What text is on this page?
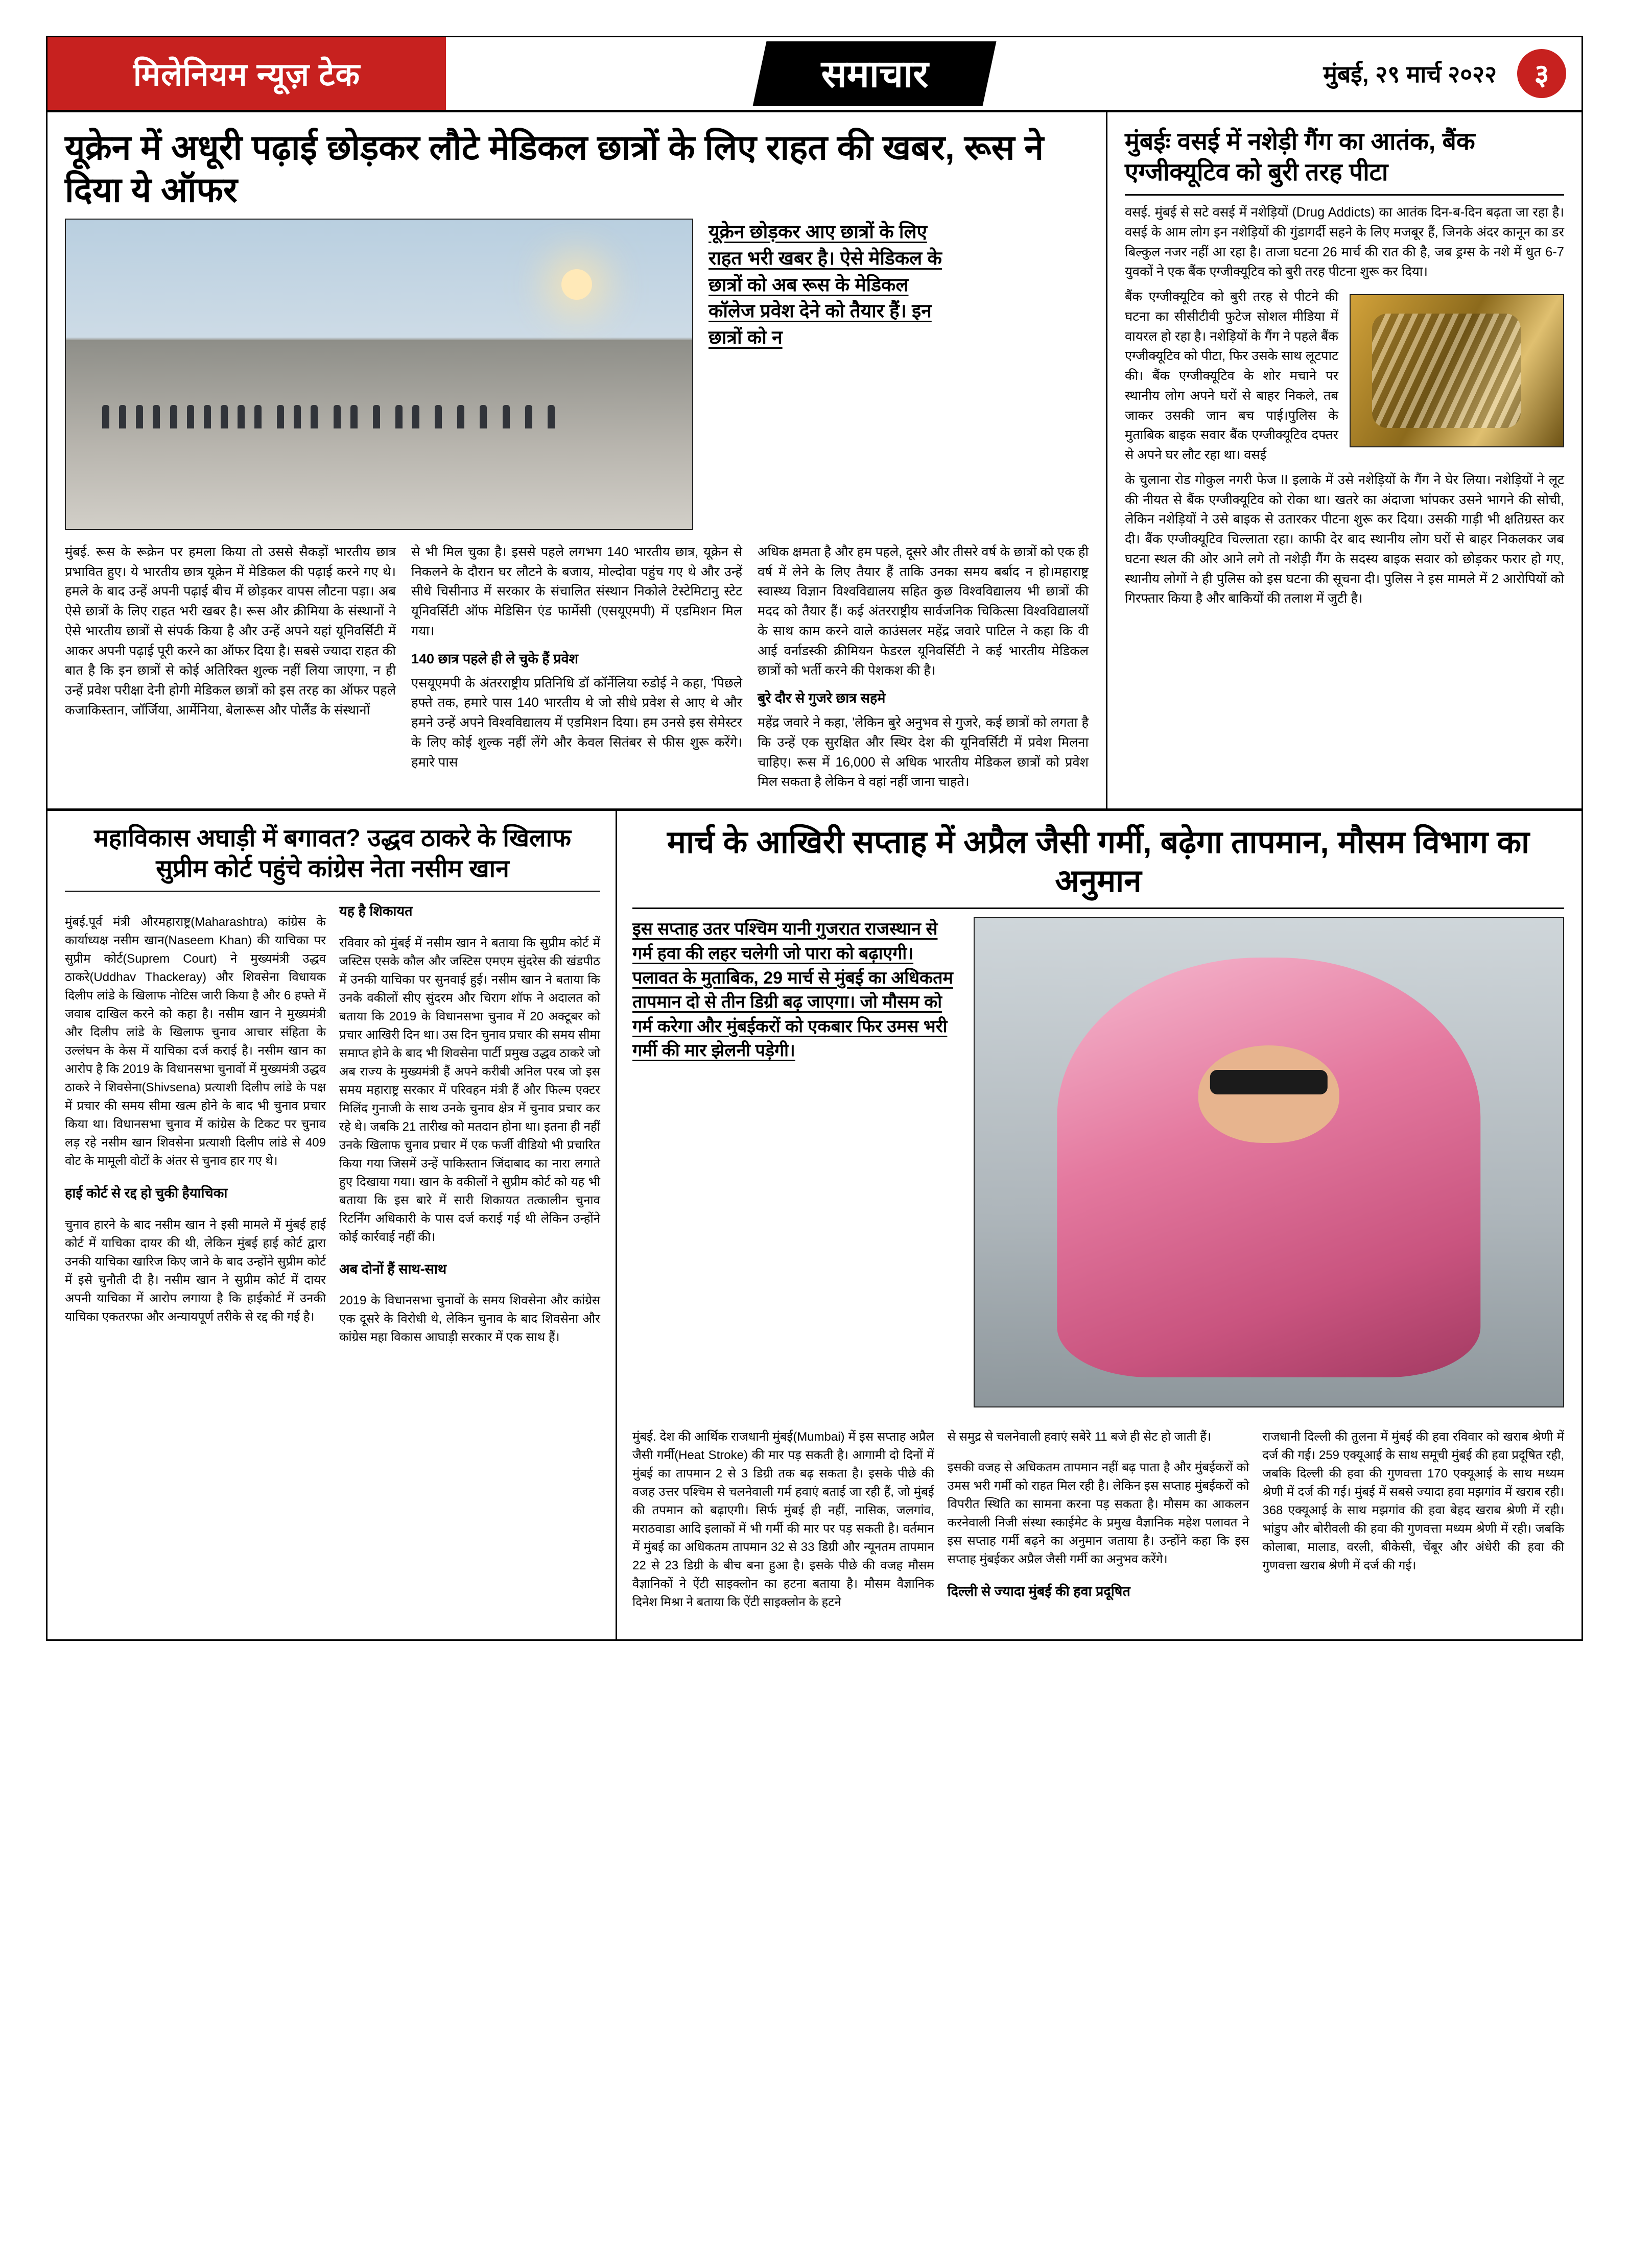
मिलेनियम न्यूज़ टेक	समाचार	मुंबई, २९ मार्च २०२२	३
यूक्रेन में अधूरी पढ़ाई छोड़कर लौटे मेडिकल छात्रों के लिए राहत की खबर, रूस ने दिया ये ऑफर
यूक्रेन छोड़कर आए छात्रों के लिए राहत भरी खबर है। ऐसे मेडिकल के छात्रों को अब रूस के मेडिकल कॉलेज प्रवेश देने को तैयार हैं। इन छात्रों को न

मुंबई. रूस के रूक्रेन पर हमला किया तो उससे सैकड़ों भारतीय छात्र प्रभावित हुए। ये भारतीय छात्र यूक्रेन में मेडिकल की पढ़ाई करने गए थे। हमले के बाद उन्हें अपनी पढ़ाई बीच में छोड़कर वापस लौटना पड़ा। अब ऐसे छात्रों के लिए राहत भरी खबर है। रूस और क्रीमिया के संस्थानों ने ऐसे भारतीय छात्रों से संपर्क किया है और उन्हें अपने यहां यूनिवर्सिटी में आकर अपनी पढ़ाई पूरी करने का ऑफर दिया है। सबसे ज्यादा राहत की बात है कि इन छात्रों से कोई अतिरिक्त शुल्क नहीं लिया जाएगा, न ही उन्हें प्रवेश परीक्षा देनी होगी मेडिकल छात्रों को इस तरह का ऑफर पहले कजाकिस्तान, जॉर्जिया, आर्मेनिया, बेलारूस और पोलैंड के संस्थानों

से भी मिल चुका है। इससे पहले लगभग 140 भारतीय छात्र, यूक्रेन से निकलने के दौरान घर लौटने के बजाय, मोल्दोवा पहुंच गए थे और उन्हें सीधे चिसीनाउ में सरकार के संचालित संस्थान निकोले टेस्टेमिटानु स्टेट यूनिवर्सिटी ऑफ मेडिसिन एंड फार्मेसी (एसयूएमपी) में एडमिशन मिल गया।

140 छात्र पहले ही ले चुके हैं प्रवेश

एसयूएमपी के अंतरराष्ट्रीय प्रतिनिधि डॉ कॉर्नेलिया रुडोई ने कहा, 'पिछले हफ्ते तक, हमारे पास 140 भारतीय थे जो सीधे प्रवेश से आए थे और हमने उन्हें अपने विश्वविद्यालय में एडमिशन दिया। हम उनसे इस सेमेस्टर के लिए कोई शुल्क नहीं लेंगे और केवल सितंबर से फीस शुरू करेंगे। हमारे पास

अधिक क्षमता है और हम पहले, दूसरे और तीसरे वर्ष के छात्रों को एक ही वर्ष में लेने के लिए तैयार हैं ताकि उनका समय बर्बाद न हो।महाराष्ट्र स्वास्थ्य विज्ञान विश्वविद्यालय सहित कुछ विश्वविद्यालय भी छात्रों की मदद को तैयार हैं। कई अंतरराष्ट्रीय सार्वजनिक चिकित्सा विश्वविद्यालयों के साथ काम करने वाले काउंसलर महेंद्र जवारे पाटिल ने कहा कि वी आई वर्नाडस्की क्रीमियन फेडरल यूनिवर्सिटी ने कई भारतीय मेडिकल छात्रों को भर्ती करने की पेशकश की है।

बुरे दौर से गुजरे छात्र सहमे

महेंद्र जवारे ने कहा, 'लेकिन बुरे अनुभव से गुजरे, कई छात्रों को लगता है कि उन्हें एक सुरक्षित और स्थिर देश की यूनिवर्सिटी में प्रवेश मिलना चाहिए। रूस में 16,000 से अधिक भारतीय मेडिकल छात्रों को प्रवेश मिल सकता है लेकिन वे वहां नहीं जाना चाहते।

मुंबईः वसई में नशेड़ी गैंग का आतंक, बैंक एग्जीक्यूटिव को बुरी तरह पीटा

वसई. मुंबई से सटे वसई में नशेड़ियों (Drug Addicts) का आतंक दिन-ब-दिन बढ़ता जा रहा है। वसई के आम लोग इन नशेड़ियों की गुंडागर्दी सहने के लिए मजबूर हैं, जिनके अंदर कानून का डर बिल्कुल नजर नहीं आ रहा है। ताजा घटना 26 मार्च की रात की है, जब ड्रग्स के नशे में धुत 6-7 युवकों ने एक बैंक एग्जीक्यूटिव को बुरी तरह पीटना शुरू कर दिया।

बैंक एग्जीक्यूटिव को बुरी तरह से पीटने की घटना का सीसीटीवी फुटेज सोशल मीडिया में वायरल हो रहा है। नशेड़ियों के गैंग ने पहले बैंक एग्जीक्यूटिव को पीटा, फिर उसके साथ लूटपाट की। बैंक एग्जीक्यूटिव के शोर मचाने पर स्थानीय लोग अपने घरों से बाहर निकले, तब जाकर उसकी जान बच पाई।पुलिस के मुताबिक बाइक सवार बैंक एग्जीक्यूटिव दफ्तर से अपने घर लौट रहा था। वसई

के चुलाना रोड गोकुल नगरी फेज II इलाके में उसे नशेड़ियों के गैंग ने घेर लिया। नशेड़ियों ने लूट की नीयत से बैंक एग्जीक्यूटिव को रोका था। खतरे का अंदाजा भांपकर उसने भागने की सोची, लेकिन नशेड़ियों ने उसे बाइक से उतारकर पीटना शुरू कर दिया। उसकी गाड़ी भी क्षतिग्रस्त कर दी। बैंक एग्जीक्यूटिव चिल्लाता रहा। काफी देर बाद स्थानीय लोग घरों से बाहर निकलकर जब घटना स्थल की ओर आने लगे तो नशेड़ी गैंग के सदस्य बाइक सवार को छोड़कर फरार हो गए, स्थानीय लोगों ने ही पुलिस को इस घटना की सूचना दी। पुलिस ने इस मामले में 2 आरोपियों को गिरफ्तार किया है और बाकियों की तलाश में जुटी है।

महाविकास अघाड़ी में बगावत? उद्धव ठाकरे के खिलाफ सुप्रीम कोर्ट पहुंचे कांग्रेस नेता नसीम खान

मुंबई.पूर्व मंत्री औरमहाराष्ट्र(Maharashtra) कांग्रेस के कार्याध्यक्ष नसीम खान(Naseem Khan) की याचिका पर सुप्रीम कोर्ट(Suprem Court) ने मुख्यमंत्री उद्धव ठाकरे(Uddhav Thackeray) और शिवसेना विधायक दिलीप लांडे के खिलाफ नोटिस जारी किया है और 6 हफ्ते में जवाब दाखिल करने को कहा है। नसीम खान ने मुख्यमंत्री और दिलीप लांडे के खिलाफ चुनाव आचार संहिता के उल्लंघन के केस में याचिका दर्ज कराई है। नसीम खान का आरोप है कि 2019 के विधानसभा चुनावों में मुख्यमंत्री उद्धव ठाकरे ने शिवसेना(Shivsena) प्रत्याशी दिलीप लांडे के पक्ष में प्रचार की समय सीमा खत्म होने के बाद भी चुनाव प्रचार किया था। विधानसभा चुनाव में कांग्रेस के टिकट पर चुनाव लड़ रहे नसीम खान शिवसेना प्रत्याशी दिलीप लांडे से 409 वोट के मामूली वोटों के अंतर से चुनाव हार गए थे।

हाई कोर्ट से रद्द हो चुकी हैयाचिका

चुनाव हारने के बाद नसीम खान ने इसी मामले में मुंबई हाई कोर्ट में याचिका दायर की थी, लेकिन मुंबई हाई कोर्ट द्वारा उनकी याचिका खारिज किए जाने के बाद उन्होंने सुप्रीम कोर्ट में इसे चुनौती दी है। नसीम खान ने सुप्रीम कोर्ट में दायर अपनी याचिका में आरोप लगाया है कि हाईकोर्ट में उनकी याचिका एकतरफा और अन्यायपूर्ण तरीके से रद्द की गई है।

यह है शिकायत

रविवार को मुंबई में नसीम खान ने बताया कि सुप्रीम कोर्ट में जस्टिस एसके कौल और जस्टिस एमएम सुंदरेस की खंडपीठ में उनकी याचिका पर सुनवाई हुई। नसीम खान ने बताया कि उनके वकीलों सीए सुंदरम और चिराग शॉफ ने अदालत को बताया कि 2019 के विधानसभा चुनाव में 20 अक्टूबर को प्रचार आखिरी दिन था। उस दिन चुनाव प्रचार की समय सीमा समाप्त होने के बाद भी शिवसेना पार्टी प्रमुख उद्धव ठाकरे जो अब राज्य के मुख्यमंत्री हैं अपने करीबी अनिल परब जो इस समय महाराष्ट्र सरकार में परिवहन मंत्री हैं और फिल्म एक्टर मिलिंद गुनाजी के साथ उनके चुनाव क्षेत्र में चुनाव प्रचार कर रहे थे। जबकि 21 तारीख को मतदान होना था। इतना ही नहीं उनके खिलाफ चुनाव प्रचार में एक फर्जी वीडियो भी प्रचारित किया गया जिसमें उन्हें पाकिस्तान जिंदाबाद का नारा लगाते हुए दिखाया गया। खान के वकीलों ने सुप्रीम कोर्ट को यह भी बताया कि इस बारे में सारी शिकायत तत्कालीन चुनाव रिटर्निंग अधिकारी के पास दर्ज कराई गई थी लेकिन उन्होंने कोई कार्रवाई नहीं की।

अब दोनों हैं साथ-साथ

2019 के विधानसभा चुनावों के समय शिवसेना और कांग्रेस एक दूसरे के विरोधी थे, लेकिन चुनाव के बाद शिवसेना और कांग्रेस महा विकास आघाड़ी सरकार में एक साथ हैं।

मार्च के आखिरी सप्ताह में अप्रैल जैसी गर्मी, बढ़ेगा तापमान, मौसम विभाग का अनुमान
इस सप्ताह उतर पश्चिम यानी गुजरात राजस्थान से गर्म हवा की लहर चलेगी जो पारा को बढ़ाएगी। पलावत के मुताबिक, 29 मार्च से मुंबई का अधिकतम तापमान दो से तीन डिग्री बढ़ जाएगा। जो मौसम को गर्म करेगा और मुंबईकरों को एकबार फिर उमस भरी गर्मी की मार झेलनी पड़ेगी।

मुंबई. देश की आर्थिक राजधानी मुंबई(Mumbai) में इस सप्ताह अप्रैल जैसी गर्मी(Heat Stroke) की मार पड़ सकती है। आगामी दो दिनों में मुंबई का तापमान 2 से 3 डिग्री तक बढ़ सकता है। इसके पीछे की वजह उत्तर पश्चिम से चलनेवाली गर्म हवाएं बताई जा रही हैं, जो मुंबई की तपमान को बढ़ाएगी। सिर्फ मुंबई ही नहीं, नासिक, जलगांव, मराठवाडा आदि इलाकों में भी गर्मी की मार पर पड़ सकती है। वर्तमान में मुंबई का अधिकतम तापमान 32 से 33 डिग्री और न्यूनतम तापमान 22 से 23 डिग्री के बीच बना हुआ है। इसके पीछे की वजह मौसम वैज्ञानिकों ने ऐंटी साइक्लोन का हटना बताया है। मौसम वैज्ञानिक दिनेश मिश्रा ने बताया कि ऐंटी साइक्लोन के हटने

से समुद्र से चलनेवाली हवाएं सबेरे 11 बजे ही सेट हो जाती हैं।

इसकी वजह से अधिकतम तापमान नहीं बढ़ पाता है और मुंबईकरों को उमस भरी गर्मी को राहत मिल रही है। लेकिन इस सप्ताह मुंबईकरों को विपरीत स्थिति का सामना करना पड़ सकता है। मौसम का आकलन करनेवाली निजी संस्था स्काईमेट के प्रमुख वैज्ञानिक महेश पलावत ने इस सप्ताह गर्मी बढ़ने का अनुमान जताया है। उन्होंने कहा कि इस सप्ताह मुंबईकर अप्रैल जैसी गर्मी का अनुभव करेंगे।

दिल्ली से ज्यादा मुंबई की हवा प्रदूषित

राजधानी दिल्ली की तुलना में मुंबई की हवा रविवार को खराब श्रेणी में दर्ज की गई। 259 एक्यूआई के साथ समूची मुंबई की हवा प्रदूषित रही, जबकि दिल्ली की हवा की गुणवत्ता 170 एक्यूआई के साथ मध्यम श्रेणी में दर्ज की गई। मुंबई में सबसे ज्यादा हवा मझगांव में खराब रही। 368 एक्यूआई के साथ मझगांव की हवा बेहद खराब श्रेणी में रही। भांडुप और बोरीवली की हवा की गुणवत्ता मध्यम श्रेणी में रही। जबकि कोलाबा, मालाड, वरली, बीकेसी, चेंबूर और अंधेरी की हवा की गुणवत्ता खराब श्रेणी में दर्ज की गई।
